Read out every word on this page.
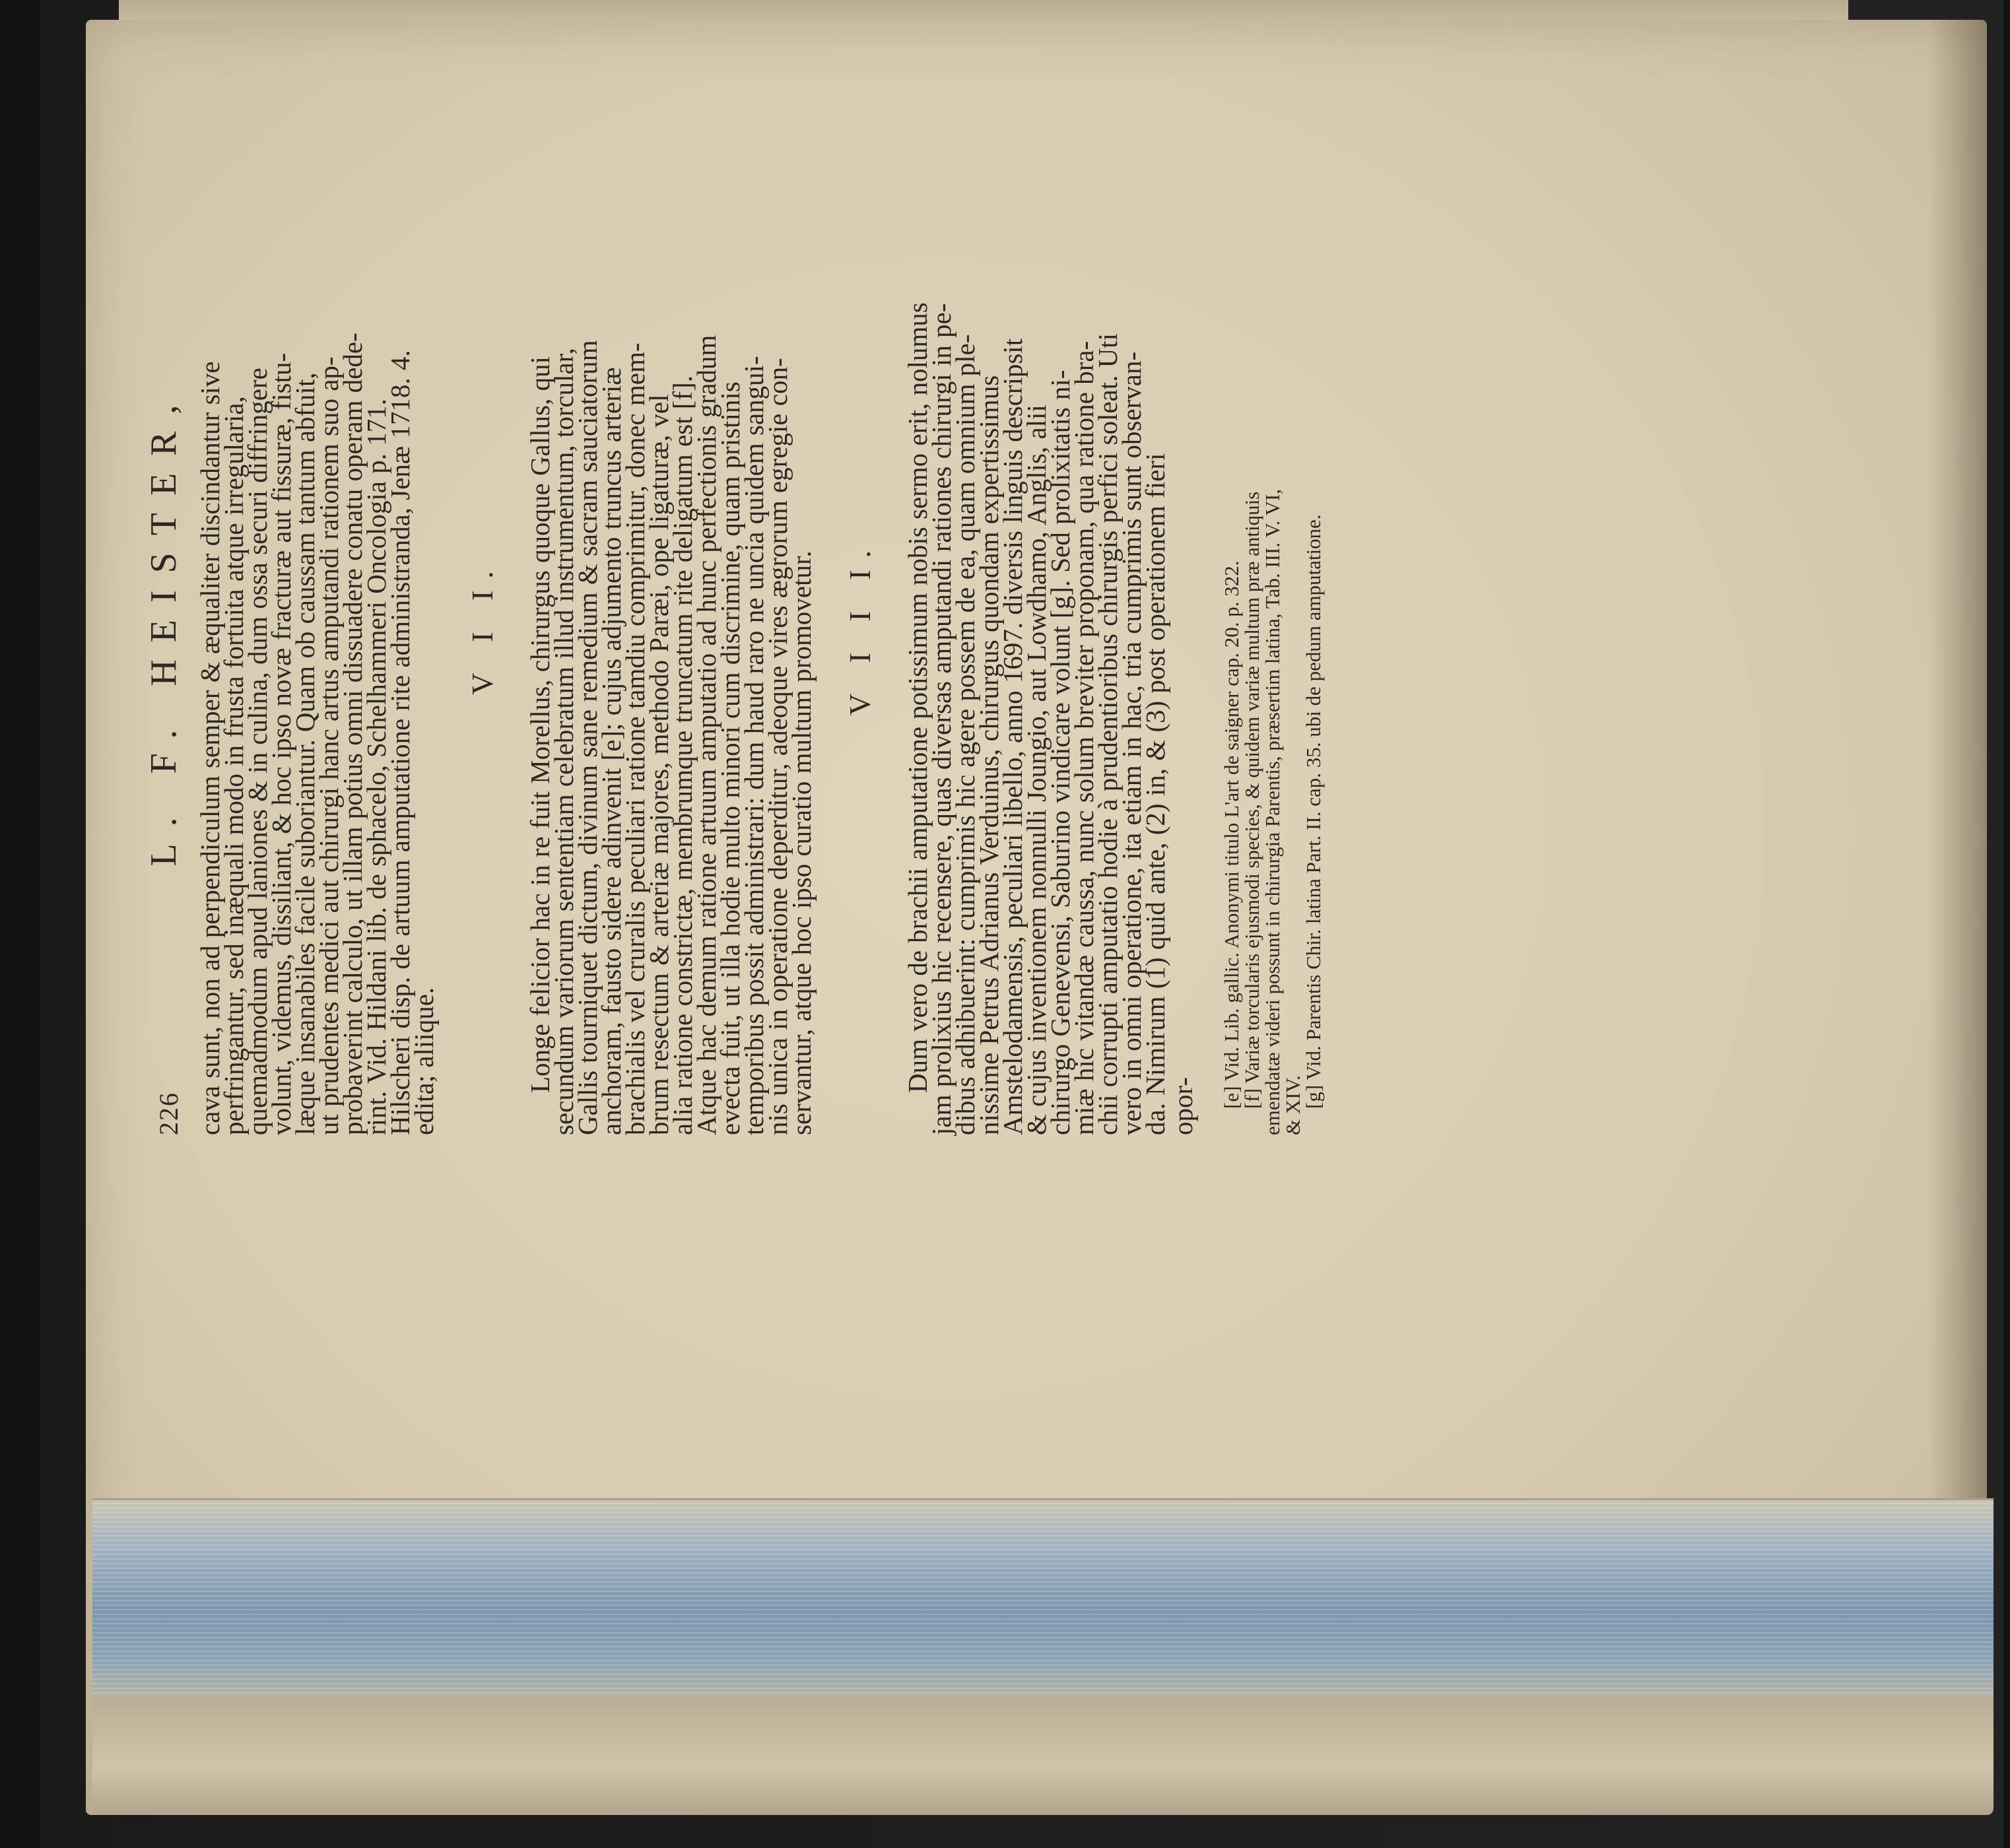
226
L. F. HEISTER, cava sunt, non ad perpendiculum semper & æqualiter discindantur sive
perfringantur, sed inæquali modo in frusta fortuita atque irregularia,
quemadmodum apud laniones & in culina, dum ossa securi diffringere
volunt, videmus, dissiliant, & hoc ipso novæ fracturæ aut fissuræ, fistu-
læque insanabiles facile suboriantur. Quam ob caussam tantum abfuit,
ut prudentes medici aut chirurgi hanc artus amputandi rationem suo ap-
probaverint calculo, ut illam potius omni dissuadere conatu operam dede-
rint. Vid. Hildani lib. de sphacelo, Schelhammeri Oncologia p. 171.
Hilscheri disp. de artuum amputatione rite administranda, Jenæ 1718. 4.
edita; aliique.
V I I. Longe felicior hac in re fuit Morellus, chirurgus quoque Gallus, qui
secundum variorum sententiam celebratum illud instrumentum, torcular,
Gallis tourniquet dictum, divinum sane remedium & sacram sauciatorum
anchoram, fausto sidere adinvenit [e]; cujus adjumento truncus arteriæ
brachialis vel cruralis peculiari ratione tamdiu comprimitur, donec mem-
brum resectum & arteriæ majores, methodo Paræi, ope ligaturæ, vel
alia ratione constrictæ, membrumque truncatum rite deligatum est [f].
Atque hac demum ratione artuum amputatio ad hunc perfectionis gradum
evecta fuit, ut illa hodie multo minori cum discrimine, quam pristinis
temporibus possit administrari: dum haud raro ne uncia quidem sangui-
nis unica in operatione deperditur, adeoque vires ægrorum egregie con-
servantur, atque hoc ipso curatio multum promovetur. V I I I. Dum vero de brachii amputatione potissimum nobis sermo erit, nolumus
jam prolixius hic recensere, quas diversas amputandi rationes chirurgi in pe-
dibus adhibuerint: cumprimis hic agere possem de ea, quam omnium ple-
nissime Petrus Adrianus Verduinus, chirurgus quondam expertissimus
Amstelodamensis, peculiari libello, anno 1697. diversis linguis descripsit
& cujus inventionem nonnulli Joungio, aut Lowdhamo, Anglis, alii
chirurgo Genevensi, Saburino vindicare volunt [g]. Sed prolixitatis ni-
miæ hic vitandæ caussa, nunc solum breviter proponam, qua ratione bra-
chii corrupti amputatio hodie à prudentioribus chirurgis perfici soleat. Uti
vero in omni operatione, ita etiam in hac, tria cumprimis sunt observan-
da. Nimirum (1) quid ante, (2) in, & (3) post operationem fieri
opor- [e] Vid. Lib. gallic. Anonymi titulo L'art de saigner cap. 20. p. 322.

[f] Variæ torcularis ejusmodi species, & quidem variæ multum præ antiquis

emendatæ videri possunt in chirurgia Parentis, præsertim latina, Tab. III. V. VI,

& XIV.

[g] Vid. Parentis Chir. latina Part. II. cap. 35. ubi de pedum amputatione.
